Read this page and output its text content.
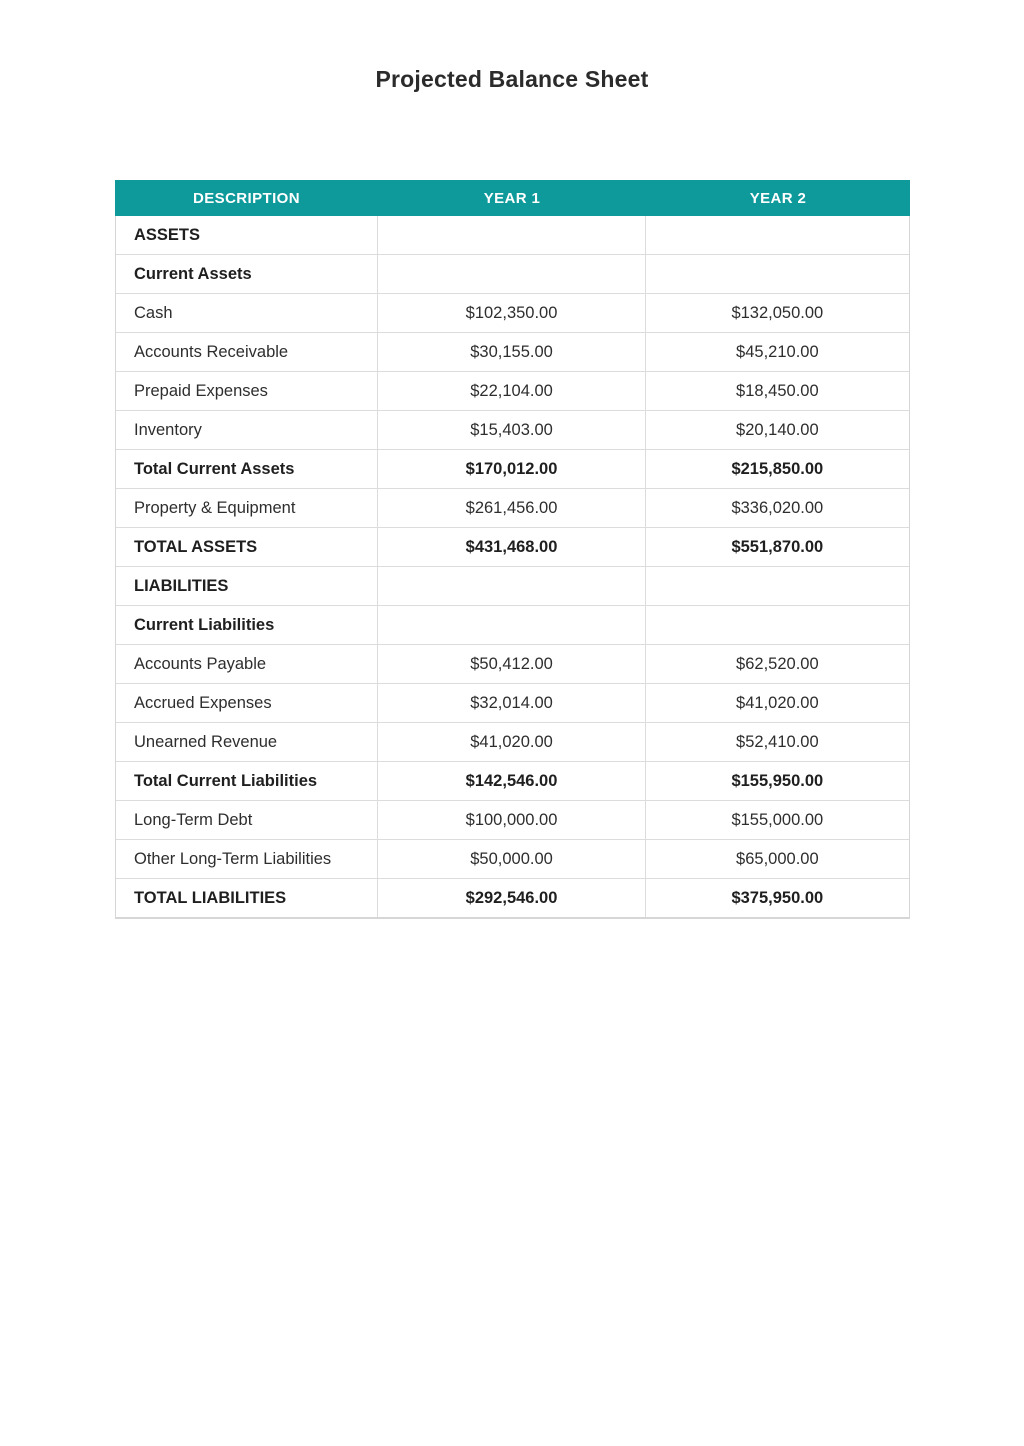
Projected Balance Sheet
DESCRIPTION	YEAR 1	YEAR 2
ASSETS
Current Assets
Cash	$102,350.00	$132,050.00
Accounts Receivable	$30,155.00	$45,210.00
Prepaid Expenses	$22,104.00	$18,450.00
Inventory	$15,403.00	$20,140.00
Total Current Assets	$170,012.00	$215,850.00
Property & Equipment	$261,456.00	$336,020.00
TOTAL ASSETS	$431,468.00	$551,870.00
LIABILITIES
Current Liabilities
Accounts Payable	$50,412.00	$62,520.00
Accrued Expenses	$32,014.00	$41,020.00
Unearned Revenue	$41,020.00	$52,410.00
Total Current Liabilities	$142,546.00	$155,950.00
Long-Term Debt	$100,000.00	$155,000.00
Other Long-Term Liabilities	$50,000.00	$65,000.00
TOTAL LIABILITIES	$292,546.00	$375,950.00
